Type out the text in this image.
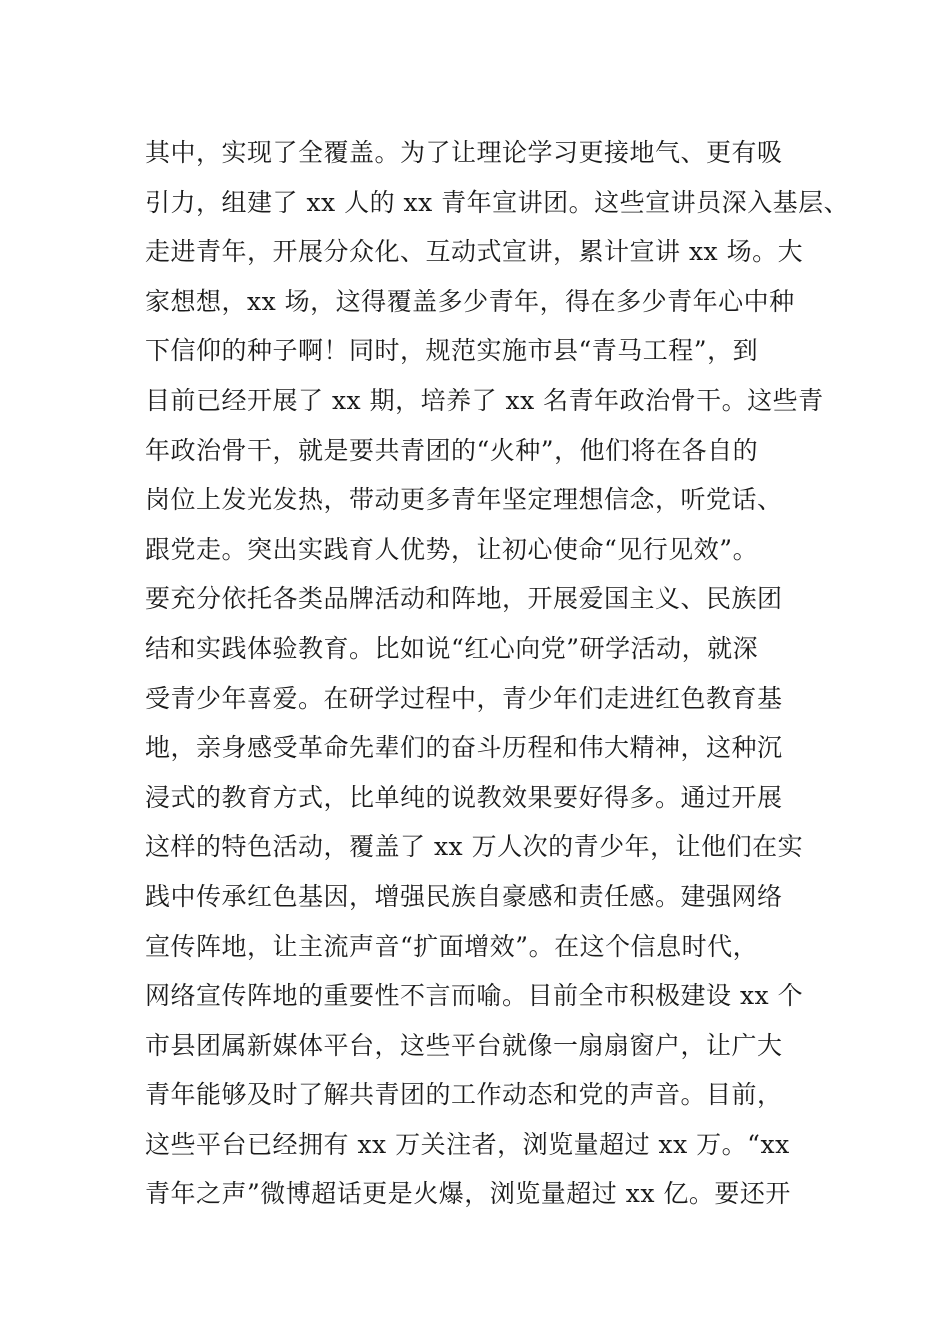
其中，实现了全覆盖。为了让理论学习更接地气、更有吸
引力，组建了 xx 人的 xx 青年宣讲团。这些宣讲员深入基层、
走进青年，开展分众化、互动式宣讲，累计宣讲 xx 场。大
家想想，xx 场，这得覆盖多少青年，得在多少青年心中种
下信仰的种子啊！同时，规范实施市县“青马工程”，到
目前已经开展了 xx 期，培养了 xx 名青年政治骨干。这些青
年政治骨干，就是要共青团的“火种”，他们将在各自的
岗位上发光发热，带动更多青年坚定理想信念，听党话、
跟党走。突出实践育人优势，让初心使命“见行见效”。
要充分依托各类品牌活动和阵地，开展爱国主义、民族团
结和实践体验教育。比如说“红心向党”研学活动，就深
受青少年喜爱。在研学过程中，青少年们走进红色教育基
地，亲身感受革命先辈们的奋斗历程和伟大精神，这种沉
浸式的教育方式，比单纯的说教效果要好得多。通过开展
这样的特色活动，覆盖了 xx 万人次的青少年，让他们在实
践中传承红色基因，增强民族自豪感和责任感。建强网络
宣传阵地，让主流声音“扩面增效”。在这个信息时代，
网络宣传阵地的重要性不言而喻。目前全市积极建设 xx 个
市县团属新媒体平台，这些平台就像一扇扇窗户，让广大
青年能够及时了解共青团的工作动态和党的声音。目前，
这些平台已经拥有 xx 万关注者，浏览量超过 xx 万。“xx
青年之声”微博超话更是火爆，浏览量超过 xx 亿。要还开
